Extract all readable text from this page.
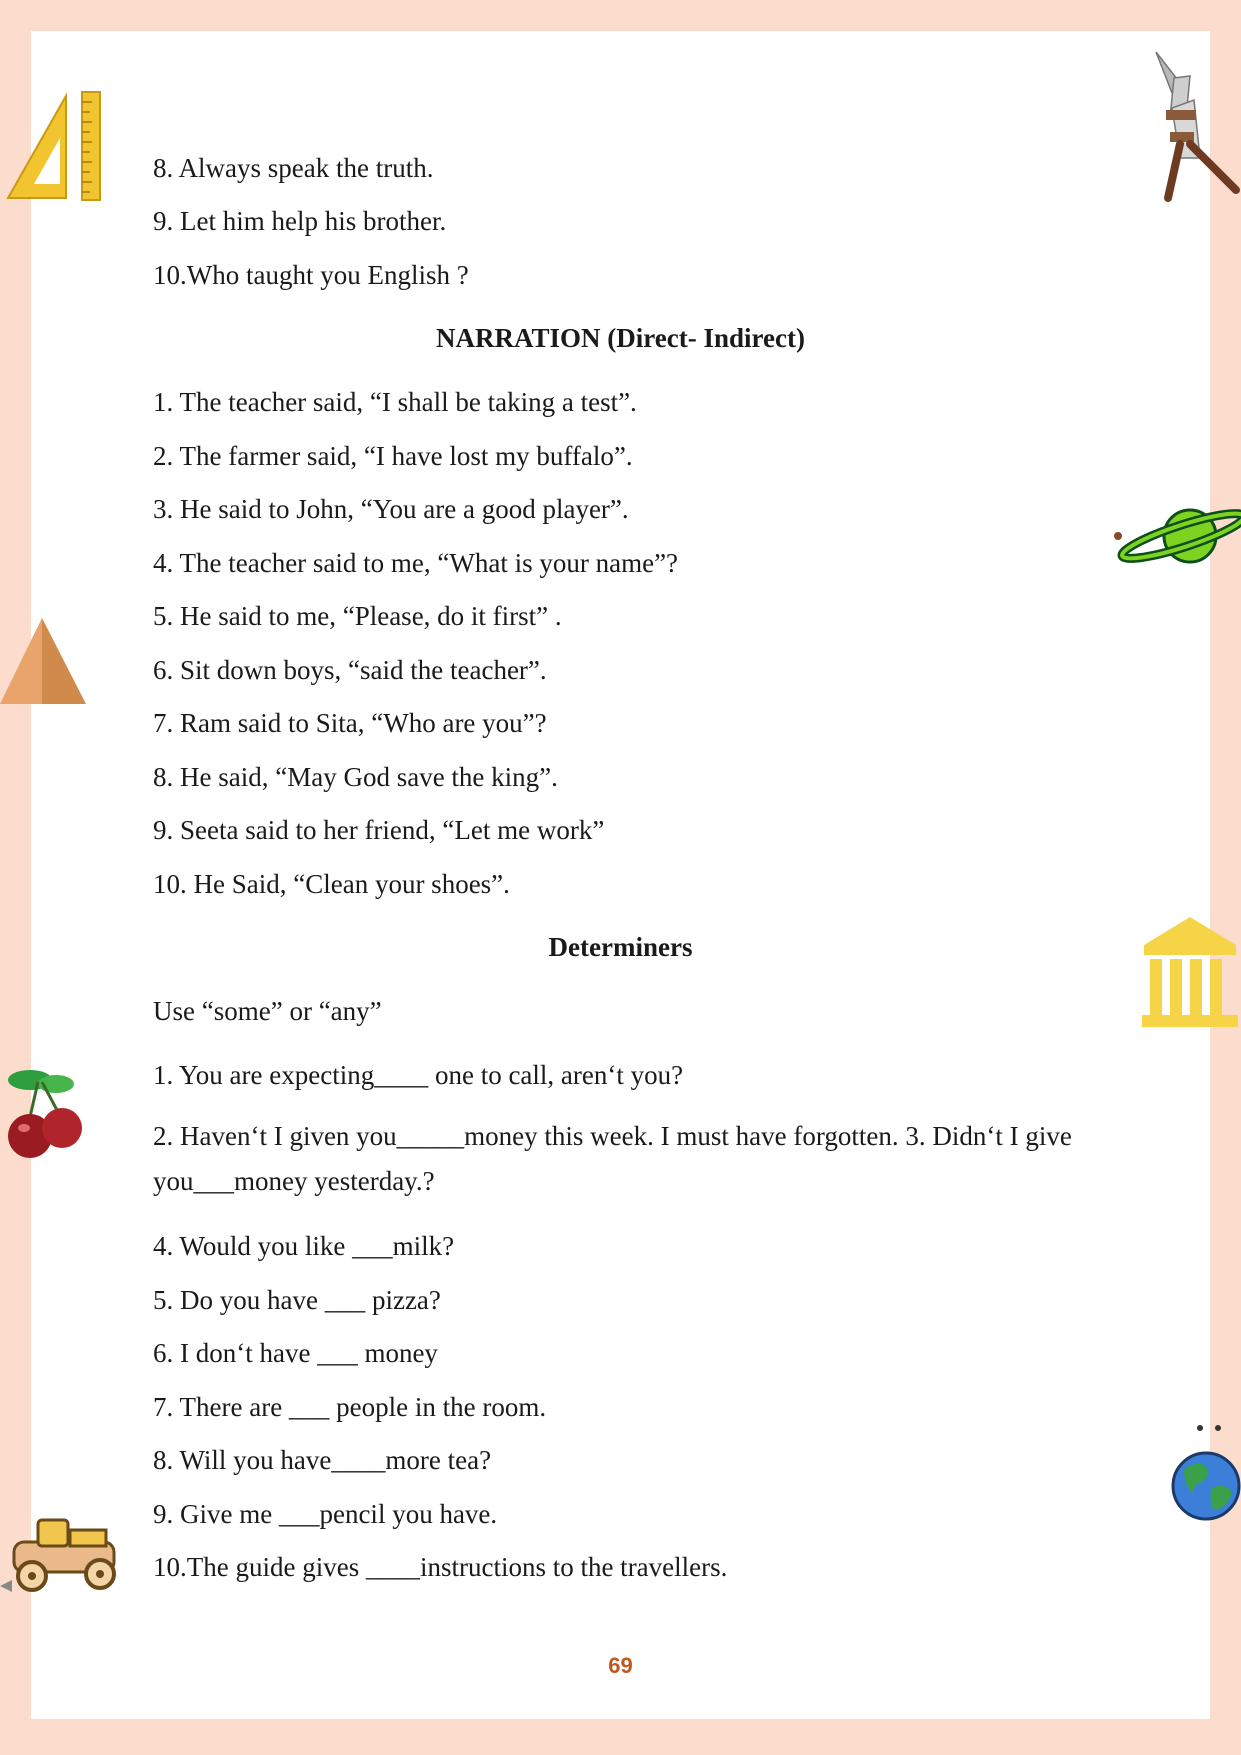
8. Always speak the truth.
9. Let him help his brother.
10.Who taught you English ?
NARRATION (Direct- Indirect)
1. The teacher said, “I shall be taking a test”.
2. The farmer said, “I have lost my buffalo”.
3. He said to John, “You are a good player”.
4. The teacher said to me, “What is your name”?
5. He said to me, “Please, do it first” .
6. Sit down boys, “said the teacher”.
7. Ram said to Sita, “Who are you”?
8. He said, “May God save the king”.
9. Seeta said to her friend, “Let me work”
10. He Said, “Clean your shoes”.
Determiners
Use “some” or “any”
1. You are expecting____ one to call, aren‘t you?
2. Haven‘t I given you_____money this week. I must have forgotten. 3. Didn‘t I give you___money yesterday.?
4. Would you like ___milk?
5. Do you have ___ pizza?
6. I don‘t have ___ money
7. There are ___ people in the room.
8. Will you have____more tea?
9. Give me ___pencil you have.
10.The guide gives ____instructions to the travellers.
69
